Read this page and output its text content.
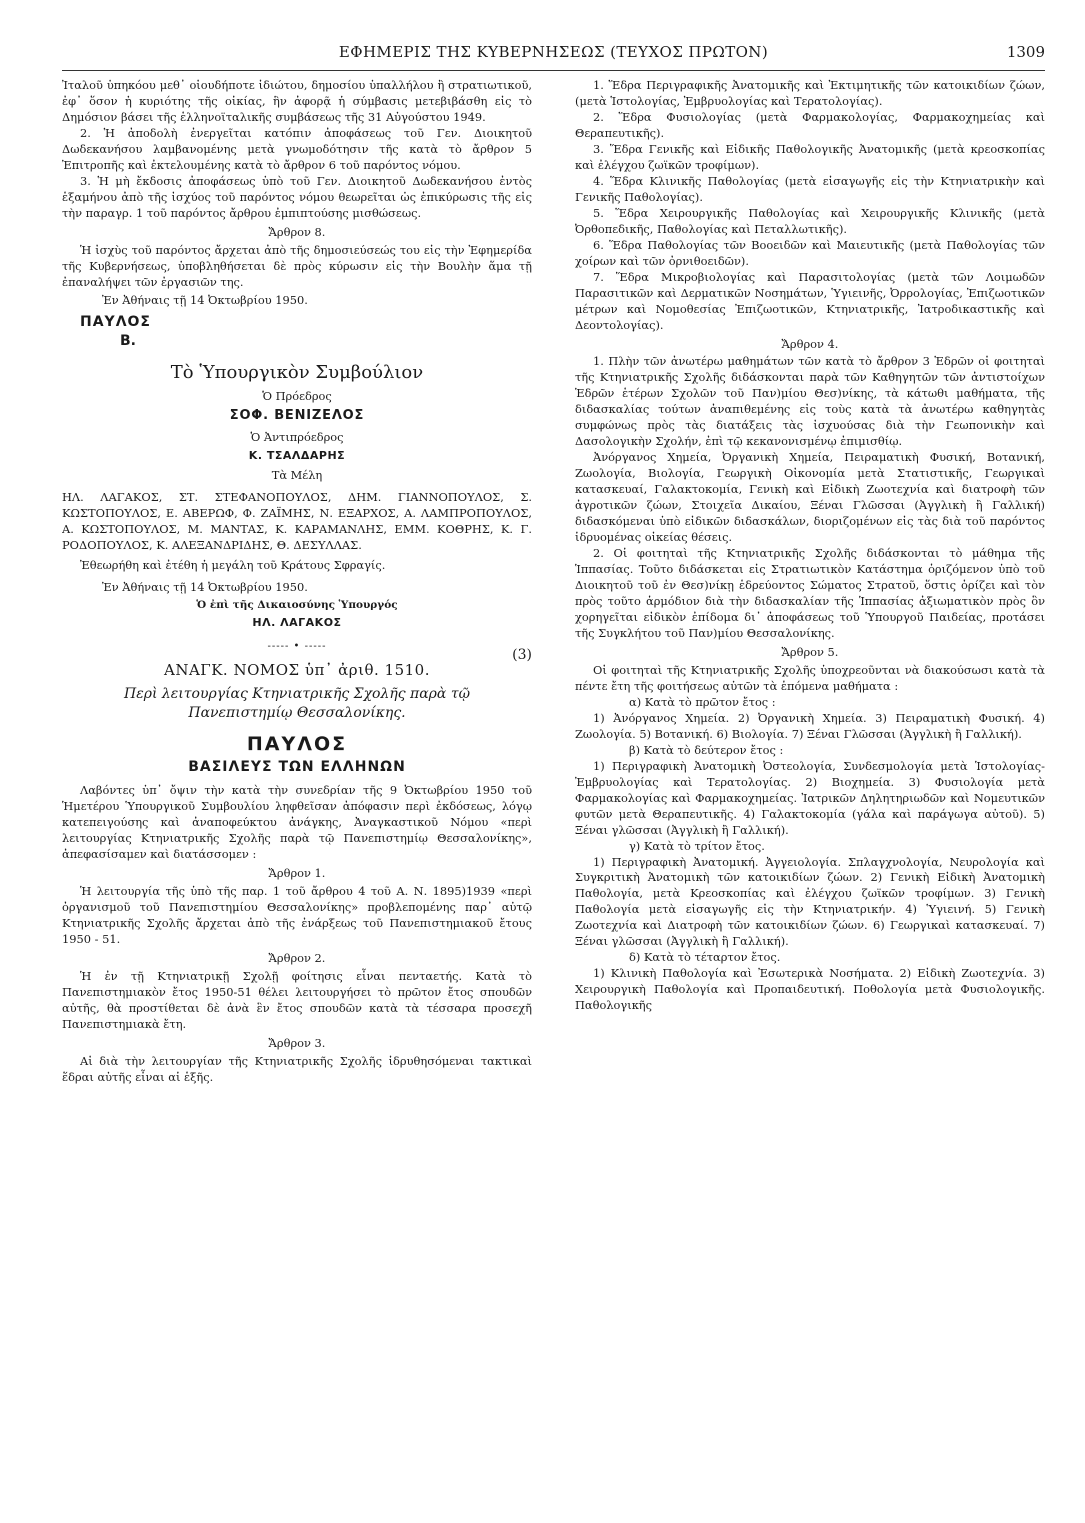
ΕΦΗΜΕΡΙΣ ΤΗΣ ΚΥΒΕΡΝΗΣΕΩΣ (ΤΕΥΧΟΣ ΠΡΩΤΟΝ)	1309

Ἰταλοῦ ὑπηκόου μεθ᾽ οἱουδήποτε ἰδιώτου, δημοσίου ὑπαλλήλου ἢ στρατιωτικοῦ, ἐφ᾽ ὅσον ἡ κυριότης τῆς οἰκίας, ἣν ἀφορᾷ ἡ σύμβασις μετεβιβάσθη εἰς τὸ Δημόσιον βάσει τῆς ἑλληνοϊταλικῆς συμβάσεως τῆς 31 Αὐγούστου 1949.

2. Ἡ ἀποδολὴ ἐνεργεῖται κατόπιν ἀποφάσεως τοῦ Γεν. Διοικητοῦ Δωδεκανήσου λαμβανομένης μετὰ γνωμοδότησιν τῆς κατὰ τὸ ἄρθρον 5 Ἐπιτροπῆς καὶ ἐκτελουμένης κατὰ τὸ ἄρθρον 6 τοῦ παρόντος νόμου.

3. Ἡ μὴ ἔκδοσις ἀποφάσεως ὑπὸ τοῦ Γεν. Διοικητοῦ Δωδεκανήσου ἐντὸς ἑξαμήνου ἀπὸ τῆς ἰσχύος τοῦ παρόντος νόμου θεωρεῖται ὡς ἐπικύρωσις τῆς εἰς τὴν παραγρ. 1 τοῦ παρόντος ἄρθρου ἐμπιπτούσης μισθώσεως.

Ἄρθρον 8.

Ἡ ἰσχὺς τοῦ παρόντος ἄρχεται ἀπὸ τῆς δημοσιεύσεώς του εἰς τὴν Ἐφημερίδα τῆς Κυβερνήσεως, ὑποβληθήσεται δὲ πρὸς κύρωσιν εἰς τὴν Βουλὴν ἅμα τῇ ἐπαναλήψει τῶν ἐργασιῶν της.

Ἐν Ἀθήναις τῇ 14 Ὀκτωβρίου 1950.

ΠΑΥΛΟΣ
Β.
Τὸ Ὑπουργικὸν Συμβούλιον
Ὁ Πρόεδρος
ΣΟΦ. ΒΕΝΙΖΕΛΟΣ
Ὁ Ἀντιπρόεδρος
Κ. ΤΣΑΛΔΑΡΗΣ
Τὰ Μέλη

ΗΛ. ΛΑΓΑΚΟΣ, ΣΤ. ΣΤΕΦΑΝΟΠΟΥΛΟΣ, ΔΗΜ. ΓΙΑΝΝΟΠΟΥΛΟΣ, Σ. ΚΩΣΤΟΠΟΥΛΟΣ, Ε. ΑΒΕΡΩΦ, Φ. ΖΑΪΜΗΣ, Ν. ΕΞΑΡΧΟΣ, Α. ΛΑΜΠΡΟΠΟΥΛΟΣ, Α. ΚΩΣΤΟΠΟΥΛΟΣ, Μ. ΜΑΝΤΑΣ, Κ. ΚΑΡΑΜΑΝΛΗΣ, ΕΜΜ. ΚΟΘΡΗΣ, Κ. Γ. ΡΟΔΟΠΟΥΛΟΣ, Κ. ΑΛΕΞΑΝΔΡΙΔΗΣ, Θ. ΔΕΣΥΛΛΑΣ.

Ἐθεωρήθη καὶ ἐτέθη ἡ μεγάλη τοῦ Κράτους Σφραγίς.

Ἐν Ἀθήναις τῇ 14 Ὀκτωβρίου 1950.

Ὁ ἐπὶ τῆς Δικαιοσύνης Ὑπουργός
ΗΛ. ΛΑΓΑΚΟΣ
----- • -----
(3)
ΑΝΑΓΚ. ΝΟΜΟΣ ὑπ᾽ ἀριθ. 1510.
Περὶ λειτουργίας Κτηνιατρικῆς Σχολῆς παρὰ τῷ Πανεπιστημίῳ Θεσσαλονίκης.
ΠΑΥΛΟΣ
ΒΑΣΙΛΕΥΣ ΤΩΝ ΕΛΛΗΝΩΝ

Λαβόντες ὑπ᾽ ὄψιν τὴν κατὰ τὴν συνεδρίαν τῆς 9 Ὀκτωβρίου 1950 τοῦ Ἡμετέρου Ὑπουργικοῦ Συμβουλίου ληφθεῖσαν ἀπόφασιν περὶ ἐκδόσεως, λόγῳ κατεπειγούσης καὶ ἀναποφεύκτου ἀνάγκης, Ἀναγκαστικοῦ Νόμου «περὶ λειτουργίας Κτηνιατρικῆς Σχολῆς παρὰ τῷ Πανεπιστημίῳ Θεσσαλονίκης», ἀπεφασίσαμεν καὶ διατάσσομεν :

Ἄρθρον 1.

Ἡ λειτουργία τῆς ὑπὸ τῆς παρ. 1 τοῦ ἄρθρου 4 τοῦ Α. Ν. 1895)1939 «περὶ ὀργανισμοῦ τοῦ Πανεπιστημίου Θεσσαλονίκης» προβλεπομένης παρ᾽ αὐτῷ Κτηνιατρικῆς Σχολῆς ἄρχεται ἀπὸ τῆς ἐνάρξεως τοῦ Πανεπιστημιακοῦ ἔτους 1950 - 51.

Ἄρθρον 2.

Ἡ ἐν τῇ Κτηνιατρικῇ Σχολῇ φοίτησις εἶναι πενταετής. Κατὰ τὸ Πανεπιστημιακὸν ἔτος 1950-51 θέλει λειτουργήσει τὸ πρῶτον ἔτος σπουδῶν αὐτῆς, θὰ προστίθεται δὲ ἀνὰ ἓν ἔτος σπουδῶν κατὰ τὰ τέσσαρα προσεχῆ Πανεπιστημιακὰ ἔτη.

Ἄρθρον 3.

Αἱ διὰ τὴν λειτουργίαν τῆς Κτηνιατρικῆς Σχολῆς ἱδρυθησόμεναι τακτικαὶ ἕδραι αὐτῆς εἶναι αἱ ἑξῆς.

1. Ἕδρα Περιγραφικῆς Ἀνατομικῆς καὶ Ἐκτιμητικῆς τῶν κατοικιδίων ζώων, (μετὰ Ἱστολογίας, Ἐμβρυολογίας καὶ Τερατολογίας).

2. Ἕδρα Φυσιολογίας (μετὰ Φαρμακολογίας, Φαρμακοχημείας καὶ Θεραπευτικῆς).

3. Ἕδρα Γενικῆς καὶ Εἰδικῆς Παθολογικῆς Ἀνατομικῆς (μετὰ κρεοσκοπίας καὶ ἐλέγχου ζωϊκῶν τροφίμων).

4. Ἕδρα Κλινικῆς Παθολογίας (μετὰ εἰσαγωγῆς εἰς τὴν Κτηνιατρικὴν καὶ Γενικῆς Παθολογίας).

5. Ἕδρα Χειρουργικῆς Παθολογίας καὶ Χειρουργικῆς Κλινικῆς (μετὰ Ὀρθοπεδικῆς, Παθολογίας καὶ Πεταλλωτικῆς).

6. Ἕδρα Παθολογίας τῶν Βοοειδῶν καὶ Μαιευτικῆς (μετὰ Παθολογίας τῶν χοίρων καὶ τῶν ὀρνιθοειδῶν).

7. Ἕδρα Μικροβιολογίας καὶ Παρασιτολογίας (μετὰ τῶν Λοιμωδῶν Παρασιτικῶν καὶ Δερματικῶν Νοσημάτων, Ὑγιεινῆς, Ὀρρολογίας, Ἐπιζωοτικῶν μέτρων καὶ Νομοθεσίας Ἐπιζωοτικῶν, Κτηνιατρικῆς, Ἰατροδικαστικῆς καὶ Δεοντολογίας).

Ἄρθρον 4.

1. Πλὴν τῶν ἀνωτέρω μαθημάτων τῶν κατὰ τὸ ἄρθρον 3 Ἑδρῶν οἱ φοιτηταὶ τῆς Κτηνιατρικῆς Σχολῆς διδάσκονται παρὰ τῶν Καθηγητῶν τῶν ἀντιστοίχων Ἑδρῶν ἑτέρων Σχολῶν τοῦ Παν)μίου Θεσ)νίκης, τὰ κάτωθι μαθήματα, τῆς διδασκαλίας τούτων ἀναπιθεμένης εἰς τοὺς κατὰ τὰ ἀνωτέρω καθηγητὰς συμφώνως πρὸς τὰς διατάξεις τὰς ἰσχυούσας διὰ τὴν Γεωπονικὴν καὶ Δασολογικὴν Σχολήν, ἐπὶ τῷ κεκανονισμένῳ ἐπιμισθίῳ.

Ἀνόργανος Χημεία, Ὀργανικὴ Χημεία, Πειραματικὴ Φυσική, Βοτανική, Ζωολογία, Βιολογία, Γεωργικὴ Οἰκονομία μετὰ Στατιστικῆς, Γεωργικαὶ κατασκευαί, Γαλακτοκομία, Γενικὴ καὶ Εἰδικὴ Ζωοτεχνία καὶ διατροφὴ τῶν ἀγροτικῶν ζώων, Στοιχεῖα Δικαίου, Ξέναι Γλῶσσαι (Ἀγγλικὴ ἢ Γαλλική) διδασκόμεναι ὑπὸ εἰδικῶν διδασκάλων, διοριζομένων εἰς τὰς διὰ τοῦ παρόντος ἱδρυομένας οἰκείας θέσεις.

2. Οἱ φοιτηταὶ τῆς Κτηνιατρικῆς Σχολῆς διδάσκονται τὸ μάθημα τῆς Ἱππασίας. Τοῦτο διδάσκεται εἰς Στρατιωτικὸν Κατάστημα ὁριζόμενον ὑπὸ τοῦ Διοικητοῦ τοῦ ἐν Θεσ)νίκῃ ἑδρεύοντος Σώματος Στρατοῦ, ὅστις ὁρίζει καὶ τὸν πρὸς τοῦτο ἁρμόδιον διὰ τὴν διδασκαλίαν τῆς Ἱππασίας ἀξιωματικὸν πρὸς ὃν χορηγεῖται εἰδικὸν ἐπίδομα δι᾽ ἀποφάσεως τοῦ Ὑπουργοῦ Παιδείας, προτάσει τῆς Συγκλήτου τοῦ Παν)μίου Θεσσαλονίκης.

Ἄρθρον 5.

Οἱ φοιτηταὶ τῆς Κτηνιατρικῆς Σχολῆς ὑποχρεοῦνται νὰ διακούσωσι κατὰ τὰ πέντε ἔτη τῆς φοιτήσεως αὐτῶν τὰ ἑπόμενα μαθήματα :

α) Κατὰ τὸ πρῶτον ἔτος :

1) Ἀνόργανος Χημεία. 2) Ὀργανικὴ Χημεία. 3) Πειραματικὴ Φυσική. 4) Ζωολογία. 5) Βοτανική. 6) Βιολογία. 7) Ξέναι Γλῶσσαι (Ἀγγλικὴ ἢ Γαλλική).

β) Κατὰ τὸ δεύτερον ἔτος :

1) Περιγραφικὴ Ἀνατομικὴ Ὀστεολογία, Συνδεσμολογία μετὰ Ἱστολογίας- Ἐμβρυολογίας καὶ Τερατολογίας. 2) Βιοχημεία. 3) Φυσιολογία μετὰ Φαρμακολογίας καὶ Φαρμακοχημείας. Ἰατρικῶν Δηλητηριωδῶν καὶ Νομευτικῶν φυτῶν μετὰ Θεραπευτικῆς. 4) Γαλακτοκομία (γάλα καὶ παράγωγα αὐτοῦ). 5) Ξέναι γλῶσσαι (Ἀγγλικὴ ἢ Γαλλική).

γ) Κατὰ τὸ τρίτον ἔτος.

1) Περιγραφικὴ Ἀνατομική. Ἀγγειολογία. Σπλαγχνολογία, Νευρολογία καὶ Συγκριτικὴ Ἀνατομικὴ τῶν κατοικιδίων ζώων. 2) Γενικὴ Εἰδικὴ Ἀνατομικὴ Παθολογία, μετὰ Κρεοσκοπίας καὶ ἐλέγχου ζωϊκῶν τροφίμων. 3) Γενικὴ Παθολογία μετὰ εἰσαγωγῆς εἰς τὴν Κτηνιατρικήν. 4) Ὑγιεινή. 5) Γενικὴ Ζωοτεχνία καὶ Διατροφὴ τῶν κατοικιδίων ζώων. 6) Γεωργικαὶ κατασκευαί. 7) Ξέναι γλῶσσαι (Ἀγγλικὴ ἢ Γαλλική).

δ) Κατὰ τὸ τέταρτον ἔτος.

1) Κλινικὴ Παθολογία καὶ Ἐσωτερικὰ Νοσήματα. 2) Εἰδικὴ Ζωοτεχνία. 3) Χειρουργικὴ Παθολογία καὶ Προπαιδευτική. Ποθολογία μετὰ Φυσιολογικῆς. Παθολογικῆς
